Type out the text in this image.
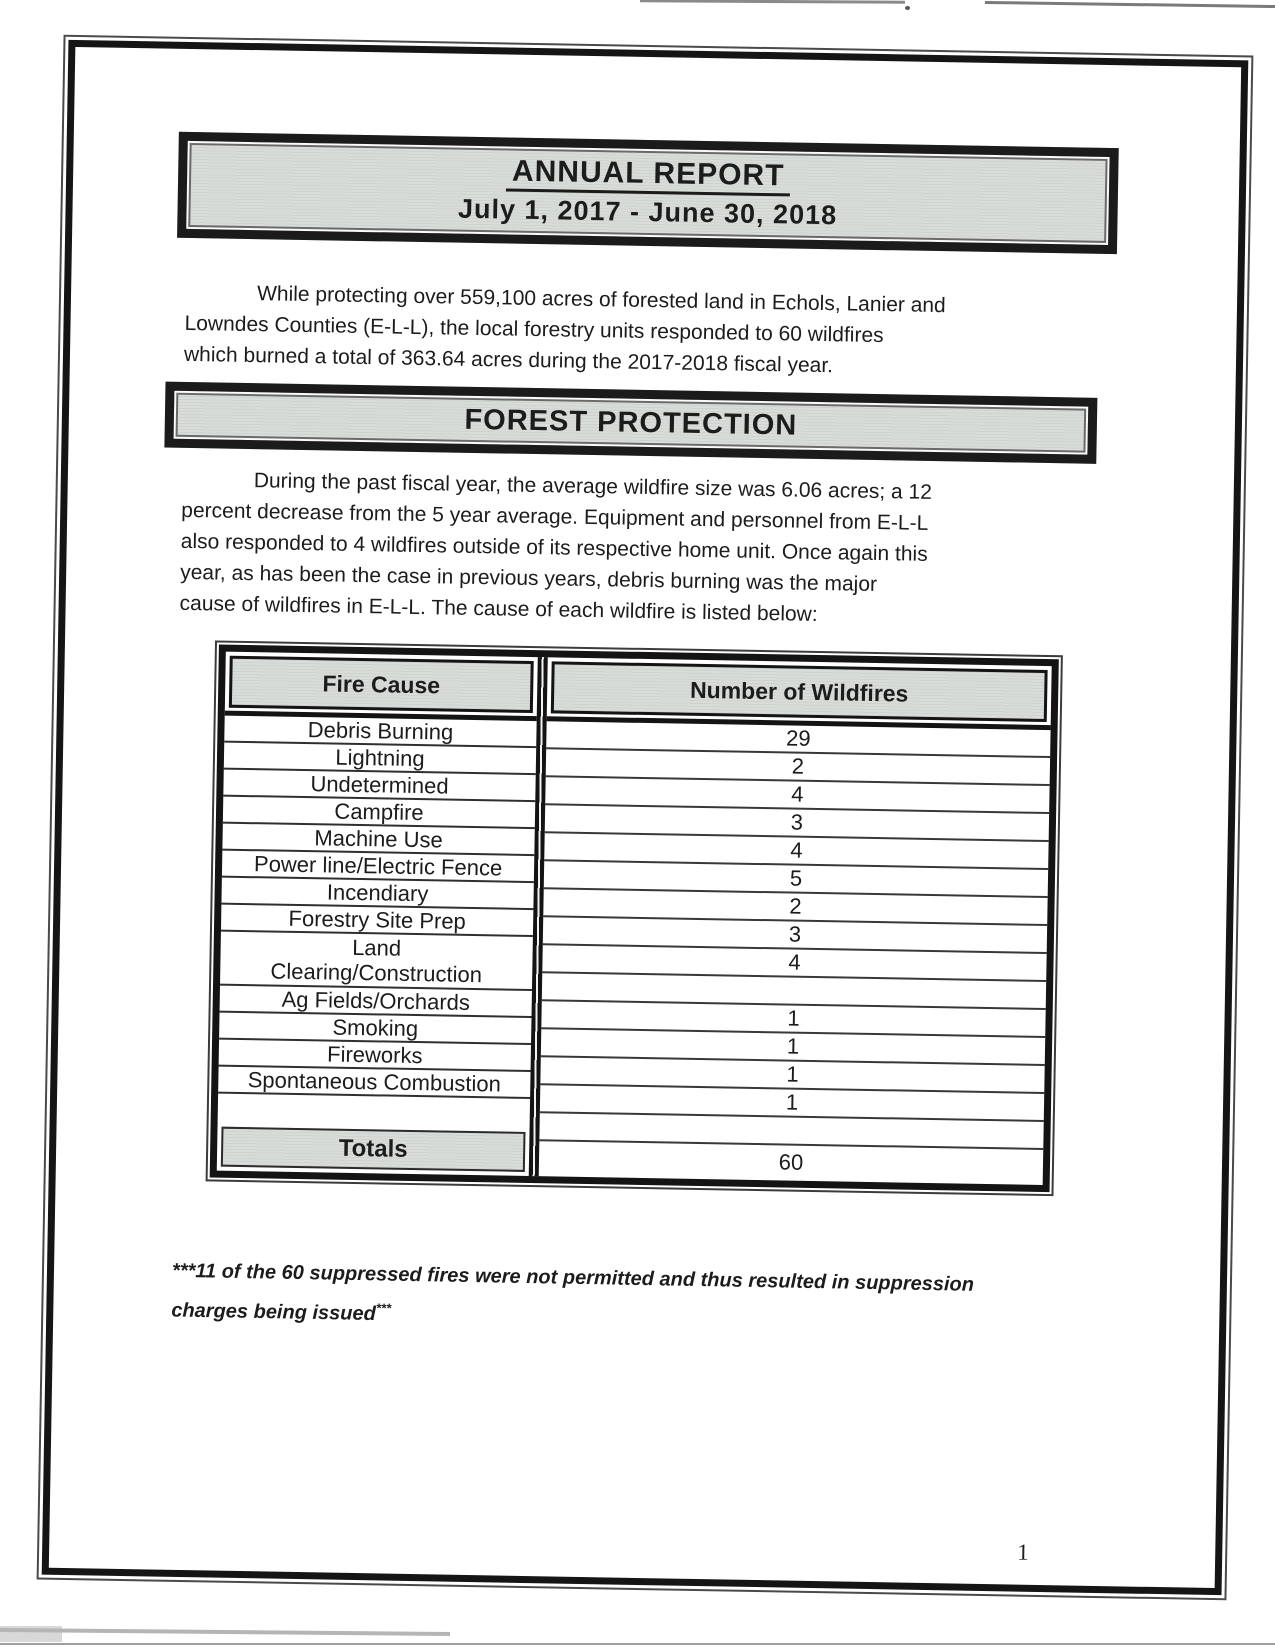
ANNUAL REPORT
July 1, 2017 - June 30, 2018
While protecting over 559,100 acres of forested land in Echols, Lanier and
Lowndes Counties (E-L-L), the local forestry units responded to 60 wildfires
which burned a total of 363.64 acres during the 2017-2018 fiscal year.
FOREST PROTECTION
During the past fiscal year, the average wildfire size was 6.06 acres; a 12
percent decrease from the 5 year average. Equipment and personnel from E-L-L
also responded to 4 wildfires outside of its respective home unit. Once again this
year, as has been the case in previous years, debris burning was the major
cause of wildfires in E-L-L. The cause of each wildfire is listed below:
Fire Cause
Debris Burning
Lightning
Undetermined
Campfire
Machine Use
Power line/Electric Fence
Incendiary
Forestry Site Prep
Land Clearing/Construction
Ag Fields/Orchards
Smoking
Fireworks
Spontaneous Combustion
Totals
Number of Wildfires
29
2
4
3
4
5
2
3
4
1
1
1
1
60
***11 of the 60 suppressed fires were not permitted and thus resulted in suppression
charges being issued***
1
